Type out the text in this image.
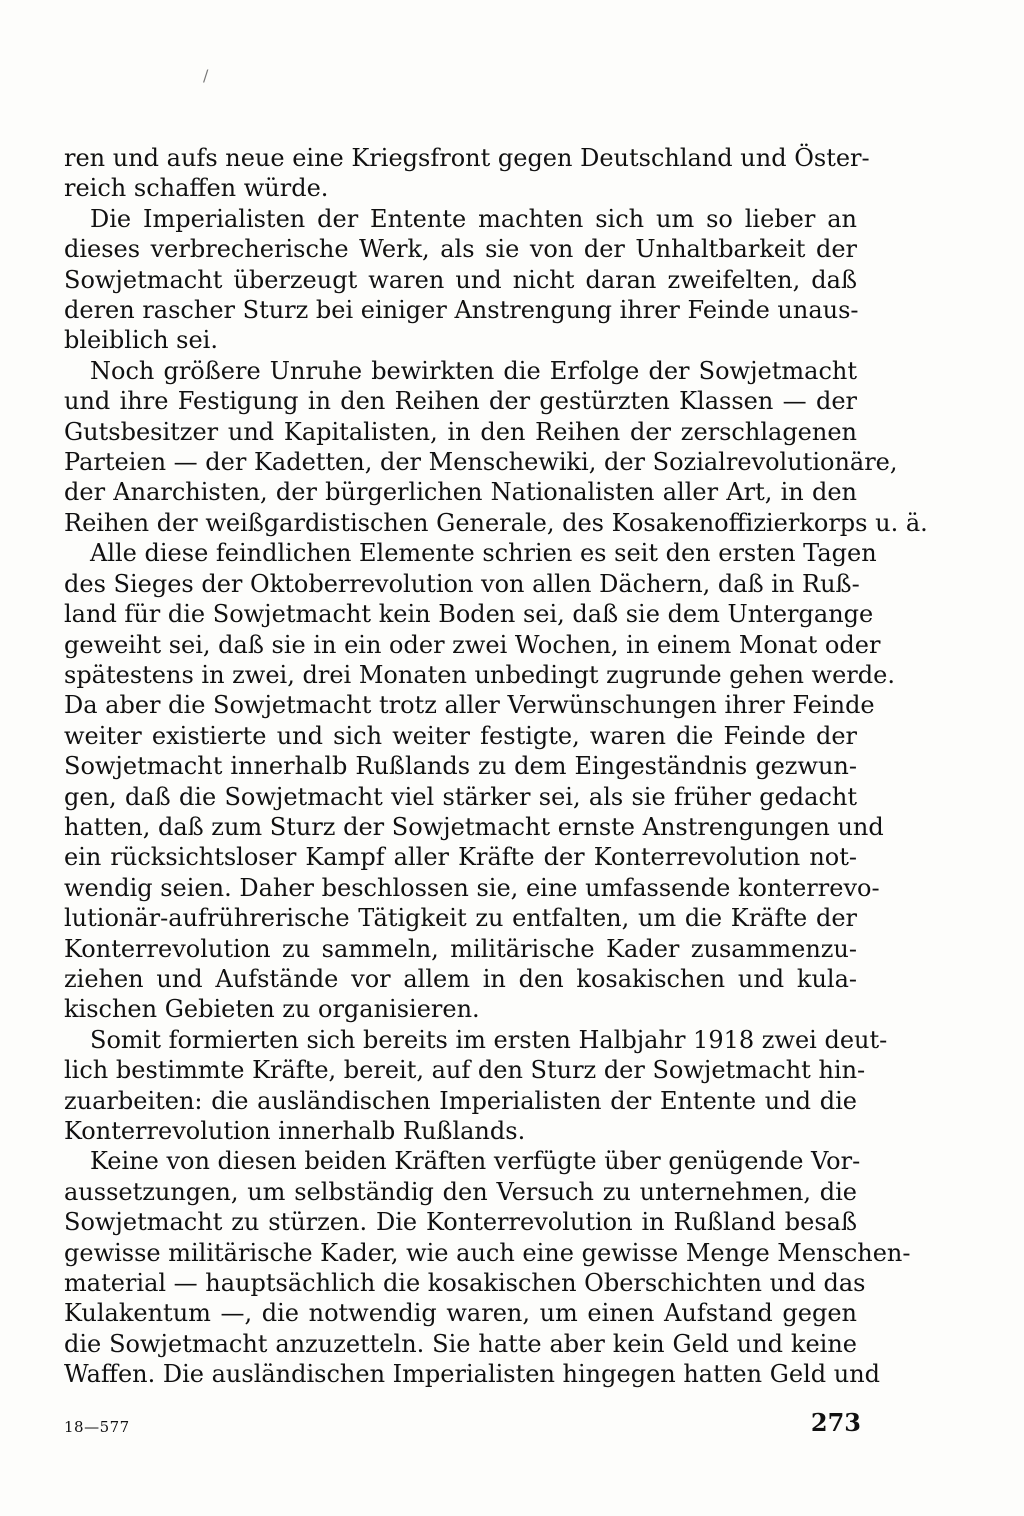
/
ren und aufs neue eine Kriegsfront gegen Deutschland und Öster-
reich schaffen würde.
Die Imperialisten der Entente machten sich um so lieber an
dieses verbrecherische Werk, als sie von der Unhaltbarkeit der
Sowjetmacht überzeugt waren und nicht daran zweifelten, daß
deren rascher Sturz bei einiger Anstrengung ihrer Feinde unaus-
bleiblich sei.
Noch größere Unruhe bewirkten die Erfolge der Sowjetmacht
und ihre Festigung in den Reihen der gestürzten Klassen — der
Gutsbesitzer und Kapitalisten, in den Reihen der zerschlagenen
Parteien — der Kadetten, der Menschewiki, der Sozialrevolutionäre,
der Anarchisten, der bürgerlichen Nationalisten aller Art, in den
Reihen der weißgardistischen Generale, des Kosakenoffizierkorps u. ä.
Alle diese feindlichen Elemente schrien es seit den ersten Tagen
des Sieges der Oktoberrevolution von allen Dächern, daß in Ruß-
land für die Sowjetmacht kein Boden sei, daß sie dem Untergange
geweiht sei, daß sie in ein oder zwei Wochen, in einem Monat oder
spätestens in zwei, drei Monaten unbedingt zugrunde gehen werde.
Da aber die Sowjetmacht trotz aller Verwünschungen ihrer Feinde
weiter existierte und sich weiter festigte, waren die Feinde der
Sowjetmacht innerhalb Rußlands zu dem Eingeständnis gezwun-
gen, daß die Sowjetmacht viel stärker sei, als sie früher gedacht
hatten, daß zum Sturz der Sowjetmacht ernste Anstrengungen und
ein rücksichtsloser Kampf aller Kräfte der Konterrevolution not-
wendig seien. Daher beschlossen sie, eine umfassende konterrevo-
lutionär-aufrührerische Tätigkeit zu entfalten, um die Kräfte der
Konterrevolution zu sammeln, militärische Kader zusammenzu-
ziehen und Aufstände vor allem in den kosakischen und kula-
kischen Gebieten zu organisieren.
Somit formierten sich bereits im ersten Halbjahr 1918 zwei deut-
lich bestimmte Kräfte, bereit, auf den Sturz der Sowjetmacht hin-
zuarbeiten: die ausländischen Imperialisten der Entente und die
Konterrevolution innerhalb Rußlands.
Keine von diesen beiden Kräften verfügte über genügende Vor-
aussetzungen, um selbständig den Versuch zu unternehmen, die
Sowjetmacht zu stürzen. Die Konterrevolution in Rußland besaß
gewisse militärische Kader, wie auch eine gewisse Menge Menschen-
material — hauptsächlich die kosakischen Oberschichten und das
Kulakentum —, die notwendig waren, um einen Aufstand gegen
die Sowjetmacht anzuzetteln. Sie hatte aber kein Geld und keine
Waffen. Die ausländischen Imperialisten hingegen hatten Geld und
18—577	273
